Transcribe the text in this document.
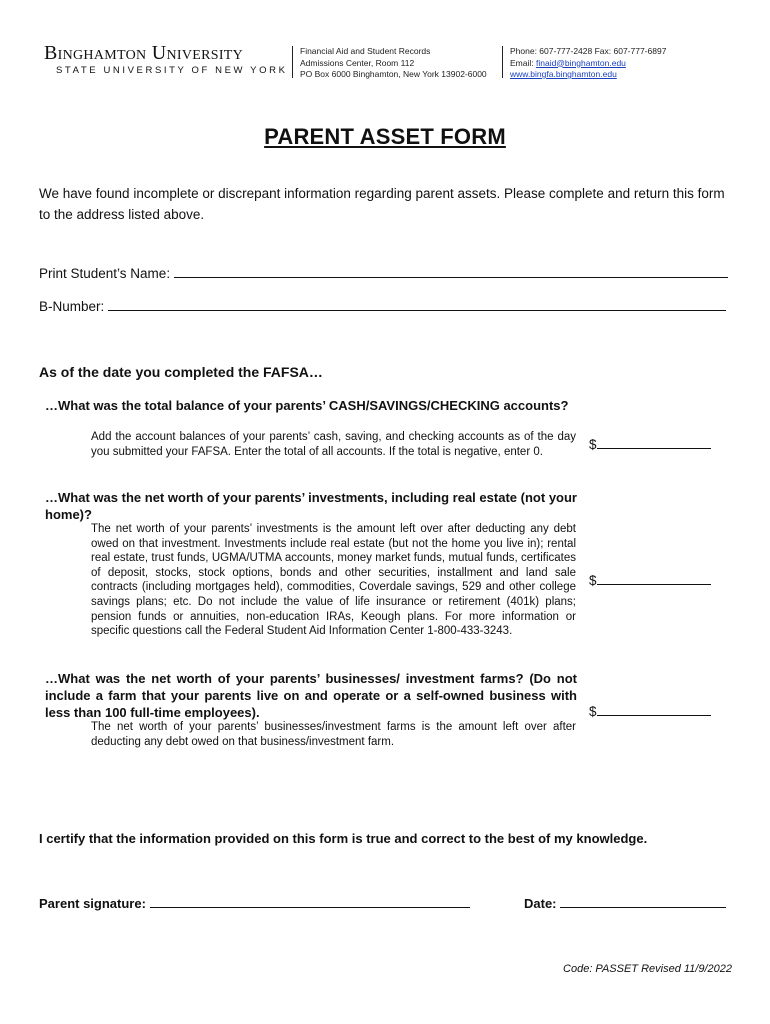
Binghamton University
STATE UNIVERSITY OF NEW YORK
Financial Aid and Student Records
Admissions Center, Room 112
PO Box 6000 Binghamton, New York 13902-6000
Phone: 607-777-2428 Fax: 607-777-6897
Email: finaid@binghamton.edu
www.bingfa.binghamton.edu
PARENT ASSET FORM
We have found incomplete or discrepant information regarding parent assets. Please complete and return this form to the address listed above.
Print Student’s Name:
B-Number:
As of the date you completed the FAFSA…
…What was the total balance of your parents’ CASH/SAVINGS/CHECKING accounts?
Add the account balances of your parents’ cash, saving, and checking accounts as of the day you submitted your FAFSA. Enter the total of all accounts. If the total is negative, enter 0.	$
…What was the net worth of your parents’ investments, including real estate (not your home)?
The net worth of your parents’ investments is the amount left over after deducting any debt owed on that investment. Investments include real estate (but not the home you live in); rental real estate, trust funds, UGMA/UTMA accounts, money market funds, mutual funds, certificates of deposit, stocks, stock options, bonds and other securities, installment and land sale contracts (including mortgages held), commodities, Coverdale savings, 529 and other college savings plans; etc. Do not include the value of life insurance or retirement (401k) plans; pension funds or annuities, non-education IRAs, Keough plans. For more information or specific questions call the Federal Student Aid Information Center 1-800-433-3243.
$
…What was the net worth of your parents’ businesses/ investment farms? (Do not include a farm that your parents live on and operate or a self-owned business with less than 100 full-time employees).
The net worth of your parents’ businesses/investment farms is the amount left over after deducting any debt owed on that business/investment farm.
$
I certify that the information provided on this form is true and correct to the best of my knowledge.
Parent signature:	Date:
Code: PASSET Revised 11/9/2022
